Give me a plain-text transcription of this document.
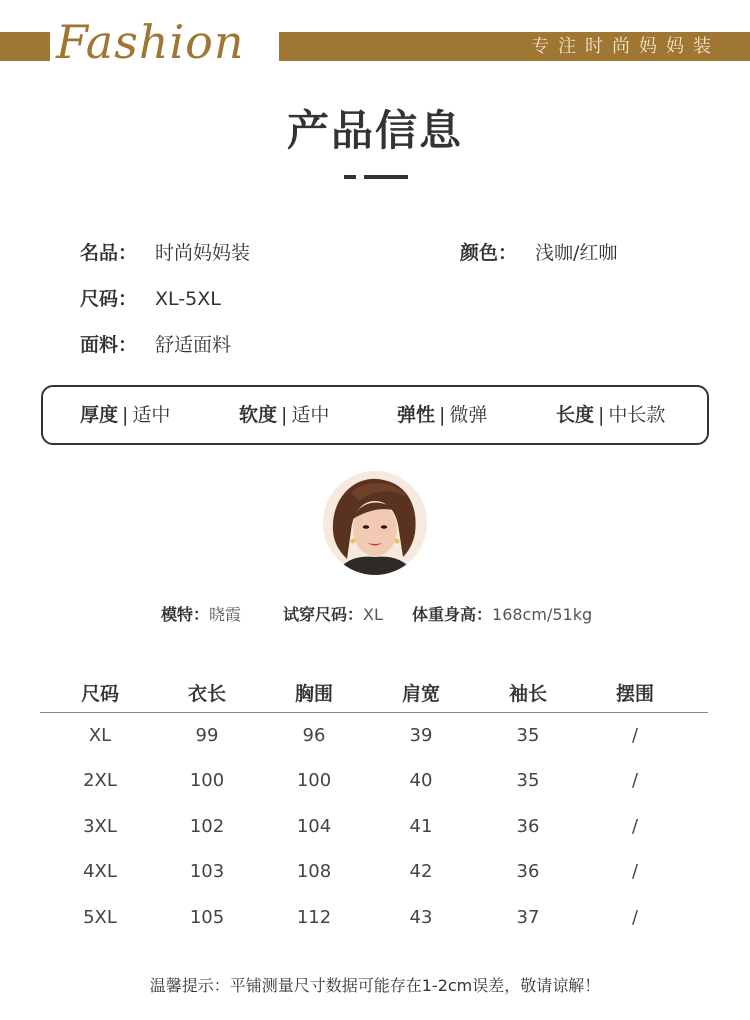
Fashion	专注时尚妈妈装
产品信息
名品： 时尚妈妈装	颜色： 浅咖/红咖
尺码： XL-5XL
面料： 舒适面料
厚度 | 适中	软度 | 适中	弹性 | 微弹	长度 | 中长款
模特：晓霞	试穿尺码：XL 体重身高：168cm/51kg
尺码	衣长	胸围	肩宽	袖长	摆围
XL	99	96	39	35	/
2XL	100	100	40	35	/
3XL	102	104	41	36	/
4XL	103	108	42	36	/
5XL	105	112	43	37	/
温馨提示：平铺测量尺寸数据可能存在1-2cm误差，敬请谅解！
